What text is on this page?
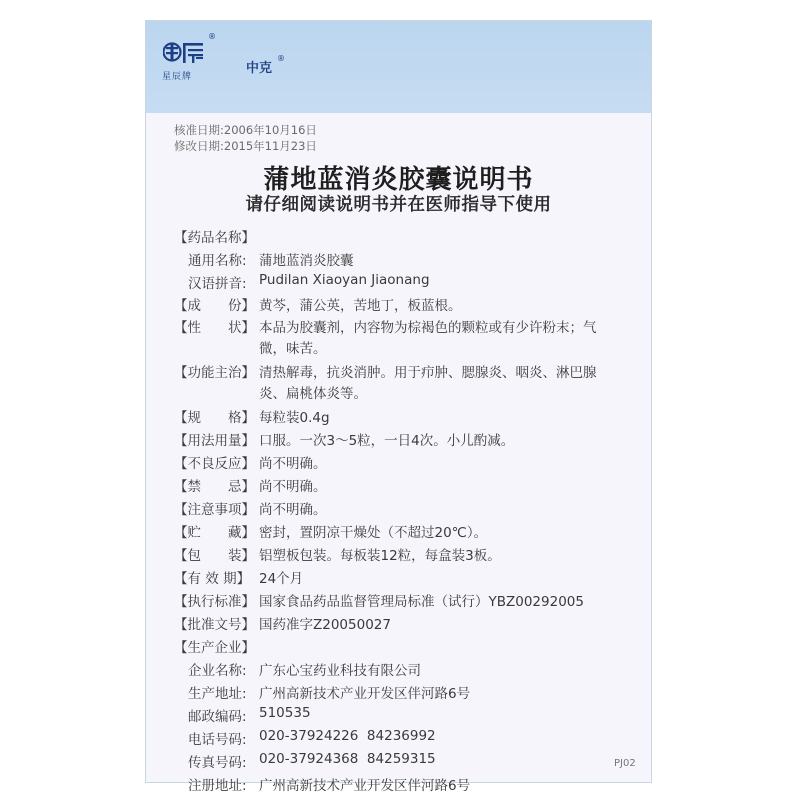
®
星辰牌
中克
®
核准日期:2006年10月16日
修改日期:2015年11月23日
蒲地蓝消炎胶囊说明书
请仔细阅读说明书并在医师指导下使用
【药品名称】
通用名称: 蒲地蓝消炎胶囊
汉语拼音: Pudilan Xiaoyan Jiaonang
【成　　份】 黄芩，蒲公英，苦地丁，板蓝根。
【性　　状】 本品为胶囊剂，内容物为棕褐色的颗粒或有少许粉末；气
微，味苦。
【功能主治】 清热解毒，抗炎消肿。用于疖肿、腮腺炎、咽炎、淋巴腺
炎、扁桃体炎等。
【规　　格】 每粒装0.4g
【用法用量】 口服。一次3～5粒，一日4次。小儿酌减。
【不良反应】 尚不明确。
【禁　　忌】 尚不明确。
【注意事项】 尚不明确。
【贮　　藏】 密封，置阴凉干燥处（不超过20℃）。
【包　　装】 铝塑板包装。每板装12粒，每盒装3板。
【有 效 期】 24个月
【执行标准】 国家食品药品监督管理局标准（试行）YBZ00292005
【批准文号】 国药准字Z20050027
【生产企业】
企业名称: 广东心宝药业科技有限公司
生产地址: 广州高新技术产业开发区伴河路6号
邮政编码: 510535
电话号码: 020-37924226  84236992
传真号码: 020-37924368  84259315
注册地址: 广州高新技术产业开发区伴河路6号
PJ02
